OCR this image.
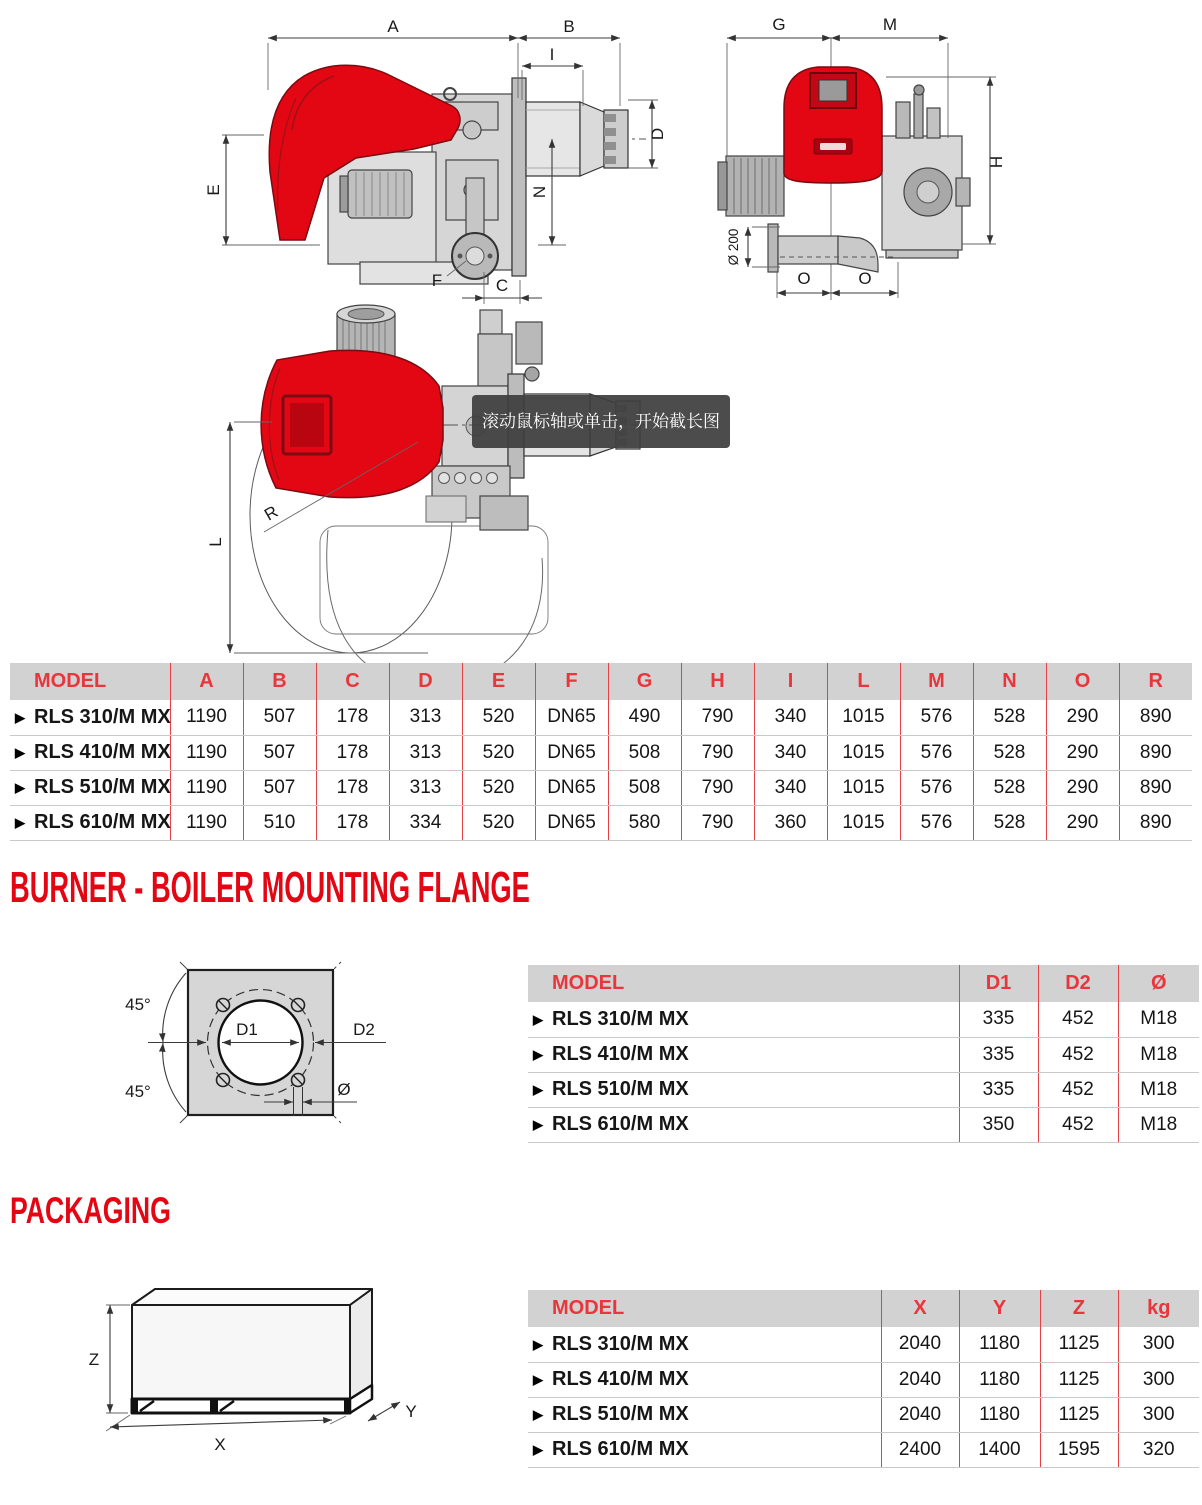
A	B
I
D
E	N
F	C
G	M
H
Ø 200
O	O
L
R
滚动鼠标轴或单击，开始截长图
MODEL	A	B	C	D	E	F	G	H	I	L	M	N	O	R
▶ RLS 310/M MX	1190	507	178	313	520	DN65	490	790	340	1015	576	528	290	890
▶ RLS 410/M MX	1190	507	178	313	520	DN65	508	790	340	1015	576	528	290	890
▶ RLS 510/M MX	1190	507	178	313	520	DN65	508	790	340	1015	576	528	290	890
▶ RLS 610/M MX	1190	510	178	334	520	DN65	580	790	360	1015	576	528	290	890
BURNER - BOILER MOUNTING FLANGE
45°
45°
D1	D2
Ø
MODEL	D1	D2	Ø
▶ RLS 310/M MX	335	452	M18
▶ RLS 410/M MX	335	452	M18
▶ RLS 510/M MX	335	452	M18
▶ RLS 610/M MX	350	452	M18
PACKAGING
Z
X
Y
MODEL	X	Y	Z	kg
▶ RLS 310/M MX	2040	1180	1125	300
▶ RLS 410/M MX	2040	1180	1125	300
▶ RLS 510/M MX	2040	1180	1125	300
▶ RLS 610/M MX	2400	1400	1595	320
